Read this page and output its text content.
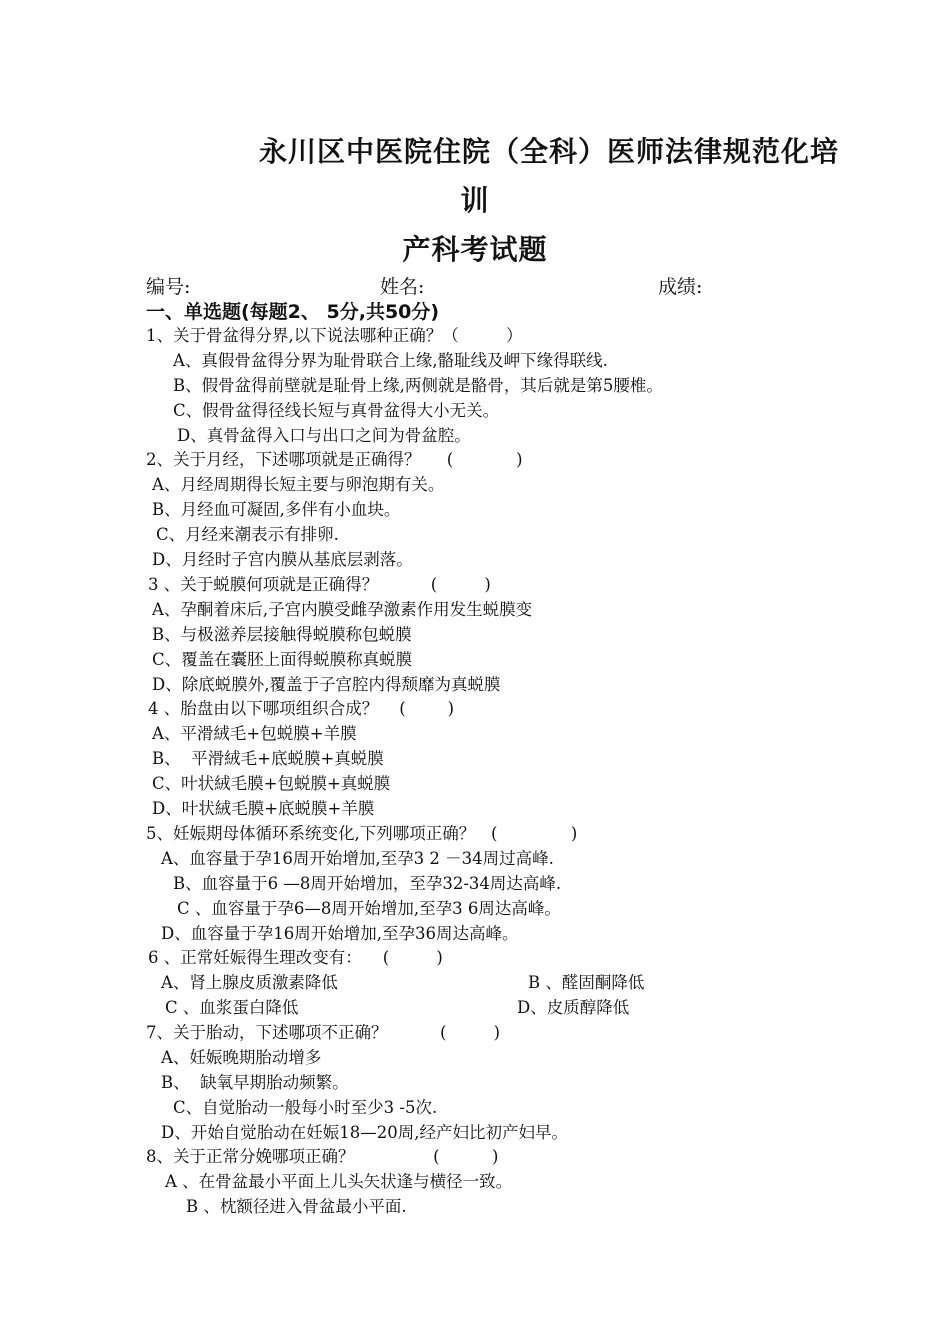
永川区中医院住院（全科）医师法律规范化培
训
产科考试题
编号:	姓名:	成绩:
一、单选题(每题2、 5分,共50分)
1、关于骨盆得分界,以下说法哪种正确？（         ）
A、真假骨盆得分界为耻骨联合上缘,骼耻线及岬下缘得联线.
B、假骨盆得前壁就是耻骨上缘,两侧就是骼骨，其后就是第5腰椎。
C、假骨盆得径线长短与真骨盆得大小无关。
D、真骨盆得入口与出口之间为骨盆腔。
2、关于月经，下述哪项就是正确得？     (            )
A、月经周期得长短主要与卵泡期有关。
B、月经血可凝固,多伴有小血块。
C、月经来潮表示有排卵.
D、月经时子宫内膜从基底层剥落。
3 、关于蜕膜何项就是正确得？          (         )
A、孕酮着床后,子宫内膜受雌孕激素作用发生蜕膜变
B、与极滋养层接触得蜕膜称包蜕膜
C、覆盖在囊胚上面得蜕膜称真蜕膜
D、除底蜕膜外,覆盖于子宫腔内得颓靡为真蜕膜
4 、胎盘由以下哪项组织合成？    (        )
A、平滑絨毛+包蜕膜+羊膜
B、  平滑絨毛+底蜕膜+真蜕膜
C、叶状絨毛膜+包蜕膜+真蜕膜
D、叶状絨毛膜+底蜕膜+羊膜
5、妊娠期母体循环系统变化,下列哪项正确？   (              )
A、血容量于孕16周开始增加,至孕3 2 －34周过高峰.
B、血容量于6 —8周开始增加，至孕32-34周达高峰.
C 、血容量于孕6—8周开始增加,至孕3 6周达高峰。
D、血容量于孕16周开始增加,至孕36周达高峰。
6 、正常妊娠得生理改变有：    (         )
A、肾上腺皮质激素降低	B 、醛固酮降低
C 、血浆蛋白降低	D、皮质醇降低
7、关于胎动，下述哪项不正确？          (         )
A、妊娠晚期胎动增多
B、  缺氧早期胎动频繁。
C、自觉胎动一般每小时至少3 -5次.
D、开始自觉胎动在妊娠18—20周,经产妇比初产妇早。
8、关于正常分娩哪项正确？               (          )
A 、在骨盆最小平面上儿头矢状逢与横径一致。
B 、枕额径进入骨盆最小平面.
